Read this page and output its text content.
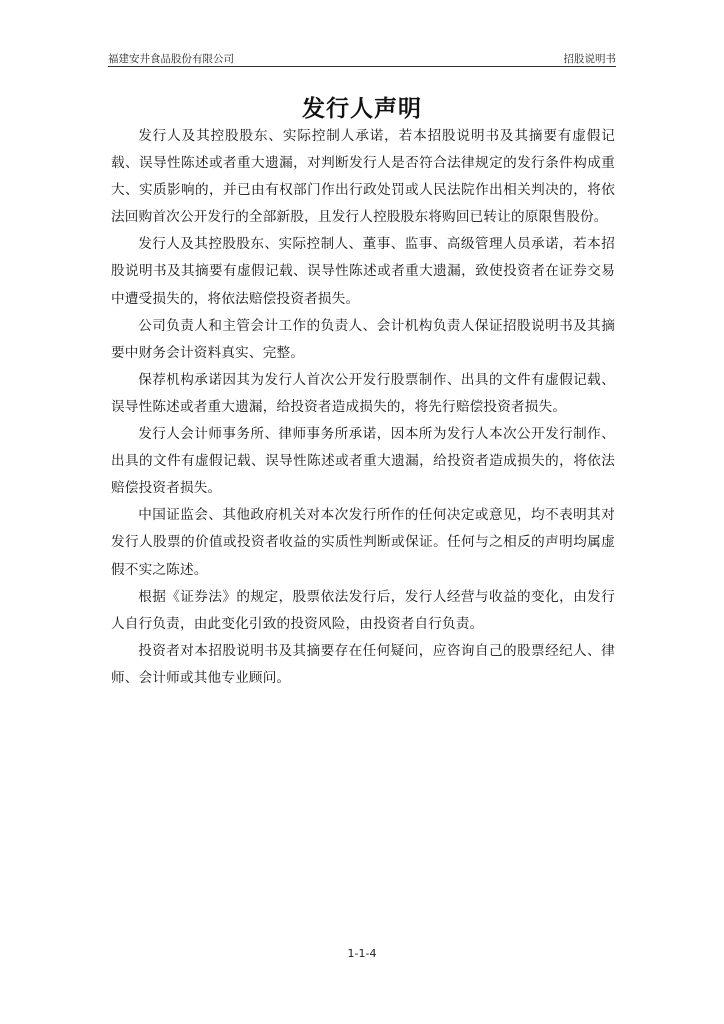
福建安井食品股份有限公司	招股说明书
发行人声明

发行人及其控股股东、实际控制人承诺，若本招股说明书及其摘要有虚假记载、误导性陈述或者重大遗漏，对判断发行人是否符合法律规定的发行条件构成重大、实质影响的，并已由有权部门作出行政处罚或人民法院作出相关判决的，将依法回购首次公开发行的全部新股，且发行人控股股东将购回已转让的原限售股份。

发行人及其控股股东、实际控制人、董事、监事、高级管理人员承诺，若本招股说明书及其摘要有虚假记载、误导性陈述或者重大遗漏，致使投资者在证券交易中遭受损失的，将依法赔偿投资者损失。

公司负责人和主管会计工作的负责人、会计机构负责人保证招股说明书及其摘要中财务会计资料真实、完整。

保荐机构承诺因其为发行人首次公开发行股票制作、出具的文件有虚假记载、误导性陈述或者重大遗漏，给投资者造成损失的，将先行赔偿投资者损失。

发行人会计师事务所、律师事务所承诺，因本所为发行人本次公开发行制作、出具的文件有虚假记载、误导性陈述或者重大遗漏，给投资者造成损失的，将依法赔偿投资者损失。

中国证监会、其他政府机关对本次发行所作的任何决定或意见，均不表明其对发行人股票的价值或投资者收益的实质性判断或保证。任何与之相反的声明均属虚假不实之陈述。

根据《证券法》的规定，股票依法发行后，发行人经营与收益的变化，由发行人自行负责，由此变化引致的投资风险，由投资者自行负责。

投资者对本招股说明书及其摘要存在任何疑问，应咨询自己的股票经纪人、律师、会计师或其他专业顾问。

1-1-4
